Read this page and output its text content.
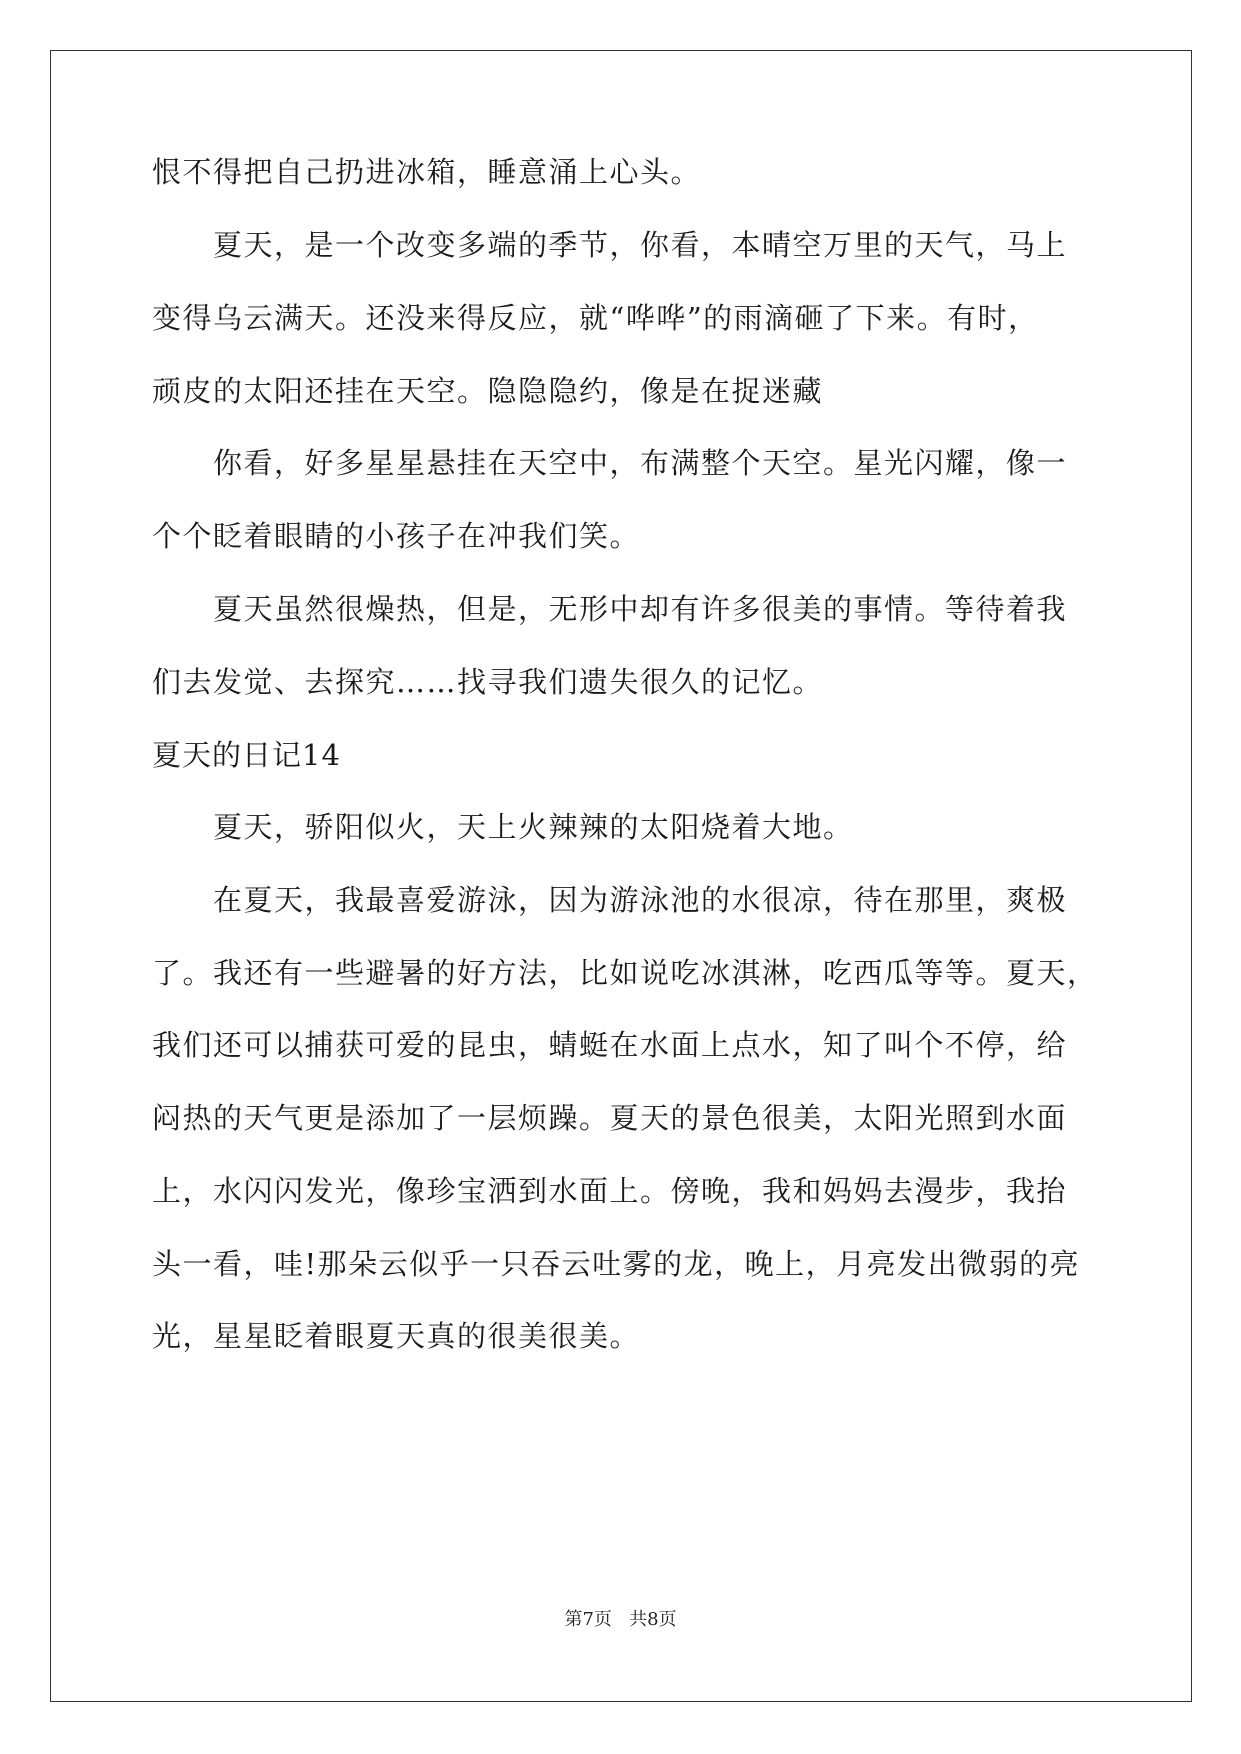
恨不得把自己扔进冰箱，睡意涌上心头。
　　夏天，是一个改变多端的季节，你看，本晴空万里的天气，马上
变得乌云满天。还没来得反应，就“哗哗”的雨滴砸了下来。有时，
顽皮的太阳还挂在天空。隐隐隐约，像是在捉迷藏
　　你看，好多星星悬挂在天空中，布满整个天空。星光闪耀，像一
个个眨着眼睛的小孩子在冲我们笑。
　　夏天虽然很燥热，但是，无形中却有许多很美的事情。等待着我
们去发觉、去探究……找寻我们遗失很久的记忆。
夏天的日记14
　　夏天，骄阳似火，天上火辣辣的太阳烧着大地。
　　在夏天，我最喜爱游泳，因为游泳池的水很凉，待在那里，爽极
了。我还有一些避暑的好方法，比如说吃冰淇淋，吃西瓜等等。夏天，
我们还可以捕获可爱的昆虫，蜻蜓在水面上点水，知了叫个不停，给
闷热的天气更是添加了一层烦躁。夏天的景色很美，太阳光照到水面
上，水闪闪发光，像珍宝洒到水面上。傍晚，我和妈妈去漫步，我抬
头一看，哇!那朵云似乎一只吞云吐雾的龙，晚上，月亮发出微弱的亮
光，星星眨着眼夏天真的很美很美。
第7页   共8页
